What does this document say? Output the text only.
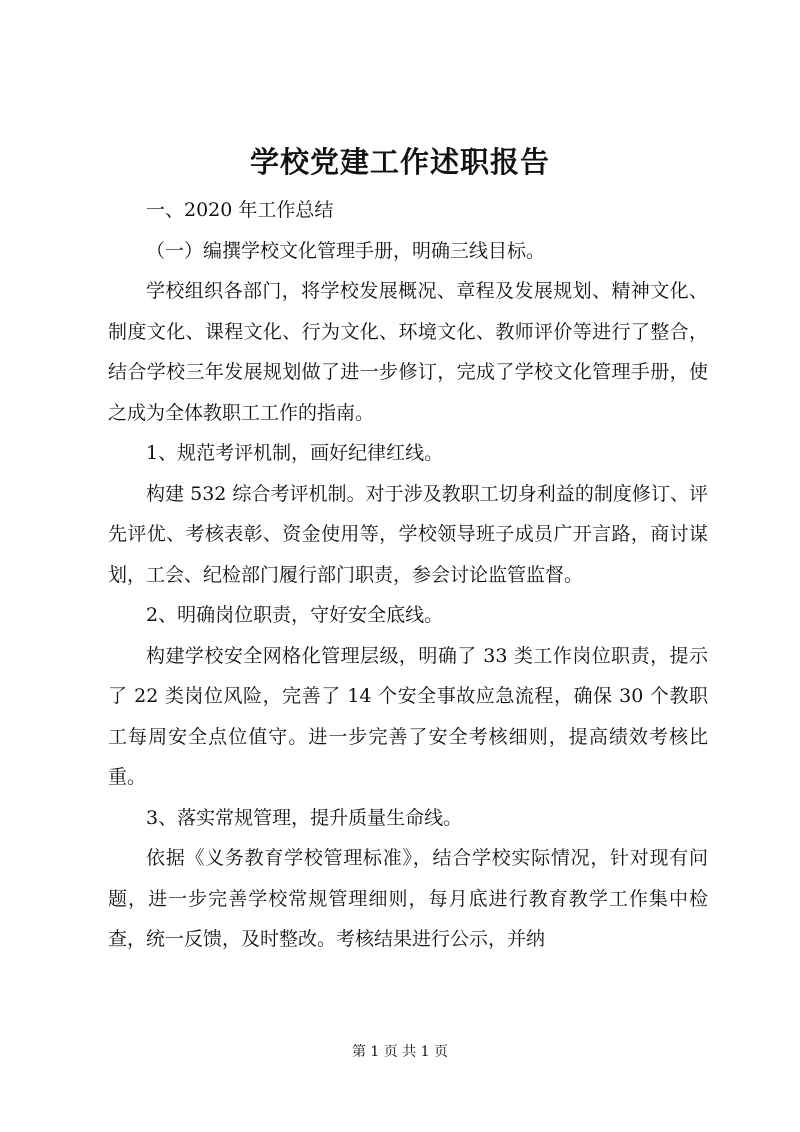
学校党建工作述职报告

一、2020 年工作总结

（一）编撰学校文化管理手册，明确三线目标。

学校组织各部门，将学校发展概况、章程及发展规划、精神文化、制度文化、课程文化、行为文化、环境文化、教师评价等进行了整合，结合学校三年发展规划做了进一步修订，完成了学校文化管理手册，使之成为全体教职工工作的指南。

1、规范考评机制，画好纪律红线。

构建 532 综合考评机制。对于涉及教职工切身利益的制度修订、评先评优、考核表彰、资金使用等，学校领导班子成员广开言路，商讨谋划，工会、纪检部门履行部门职责，参会讨论监管监督。

2、明确岗位职责，守好安全底线。

构建学校安全网格化管理层级，明确了 33 类工作岗位职责，提示了 22 类岗位风险，完善了 14 个安全事故应急流程，确保 30 个教职工每周安全点位值守。进一步完善了安全考核细则，提高绩效考核比重。

3、落实常规管理，提升质量生命线。

依据《义务教育学校管理标准》，结合学校实际情况，针对现有问题，进一步完善学校常规管理细则，每月底进行教育教学工作集中检查，统一反馈，及时整改。考核结果进行公示，并纳

第 1 页 共 1 页
